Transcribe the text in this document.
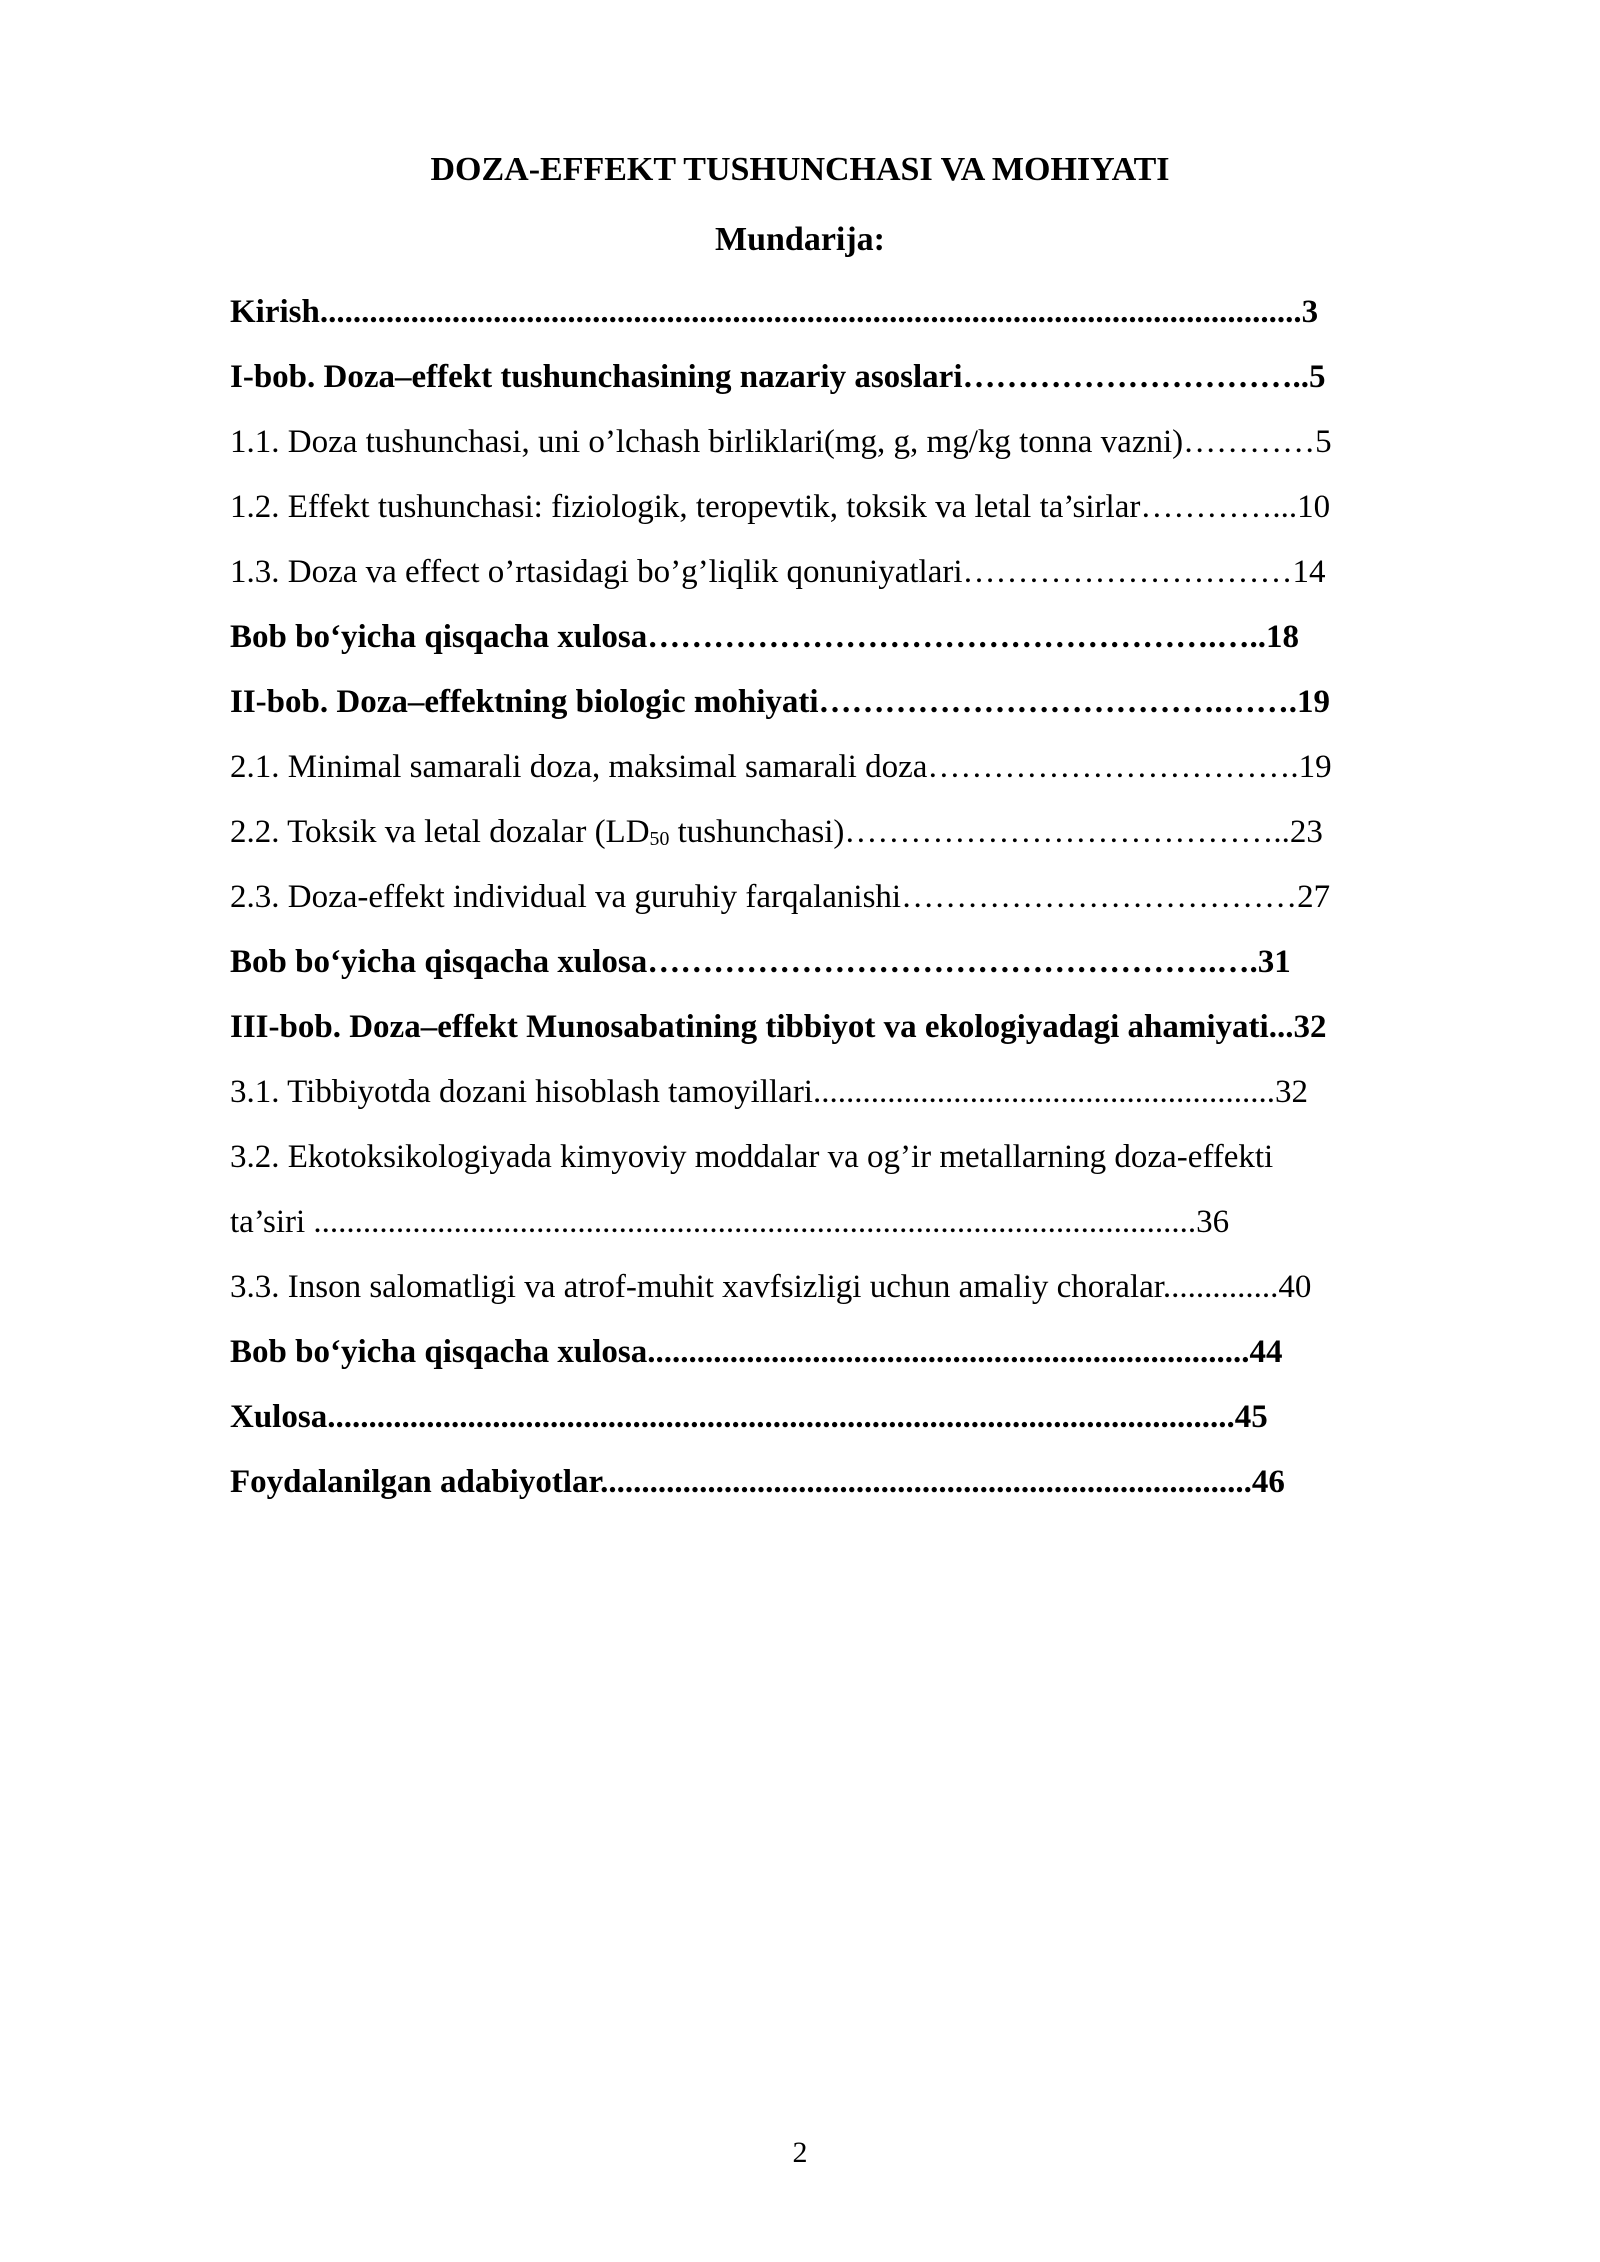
DOZA-EFFEKT TUSHUNCHASI VA MOHIYATI
Mundarija:
Kirish.......................................................................................................................3
I-bob. Doza–effekt tushunchasining nazariy asoslari…………………………..5
1.1. Doza tushunchasi, uni o’lchash birliklari(mg, g, mg/kg tonna vazni)…………5
1.2. Effekt tushunchasi: fiziologik, teropevtik, toksik va letal ta’sirlar…………...10
1.3. Doza va effect o’rtasidagi bo’g’liqlik qonuniyatlari…………………………14
Bob bo‘yicha qisqacha xulosa…………………………………………….…..18
II-bob. Doza–effektning biologic mohiyati……………………………….…….19
2.1. Minimal samarali doza, maksimal samarali doza…………………………….19
2.2. Toksik va letal dozalar ($LD_{50}$ tushunchasi)…………………………………..23
2.3. Doza-effekt individual va guruhiy farqalanishi………………………………27
Bob bo‘yicha qisqacha xulosa…………………………………………….….31
III-bob. Doza–effekt Munosabatining tibbiyot va ekologiyadagi ahamiyati...32
3.1. Tibbiyotda dozani hisoblash tamoyillari........................................................32
3.2. Ekotoksikologiyada kimyoviy moddalar va og’ir metallarning doza-effekti
ta’siri ...........................................................................................................36
3.3. Inson salomatligi va atrof-muhit xavfsizligi uchun amaliy choralar..............40
Bob bo‘yicha qisqacha xulosa.........................................................................44
Xulosa..............................................................................................................45
Foydalanilgan adabiyotlar...............................................................................46
2
